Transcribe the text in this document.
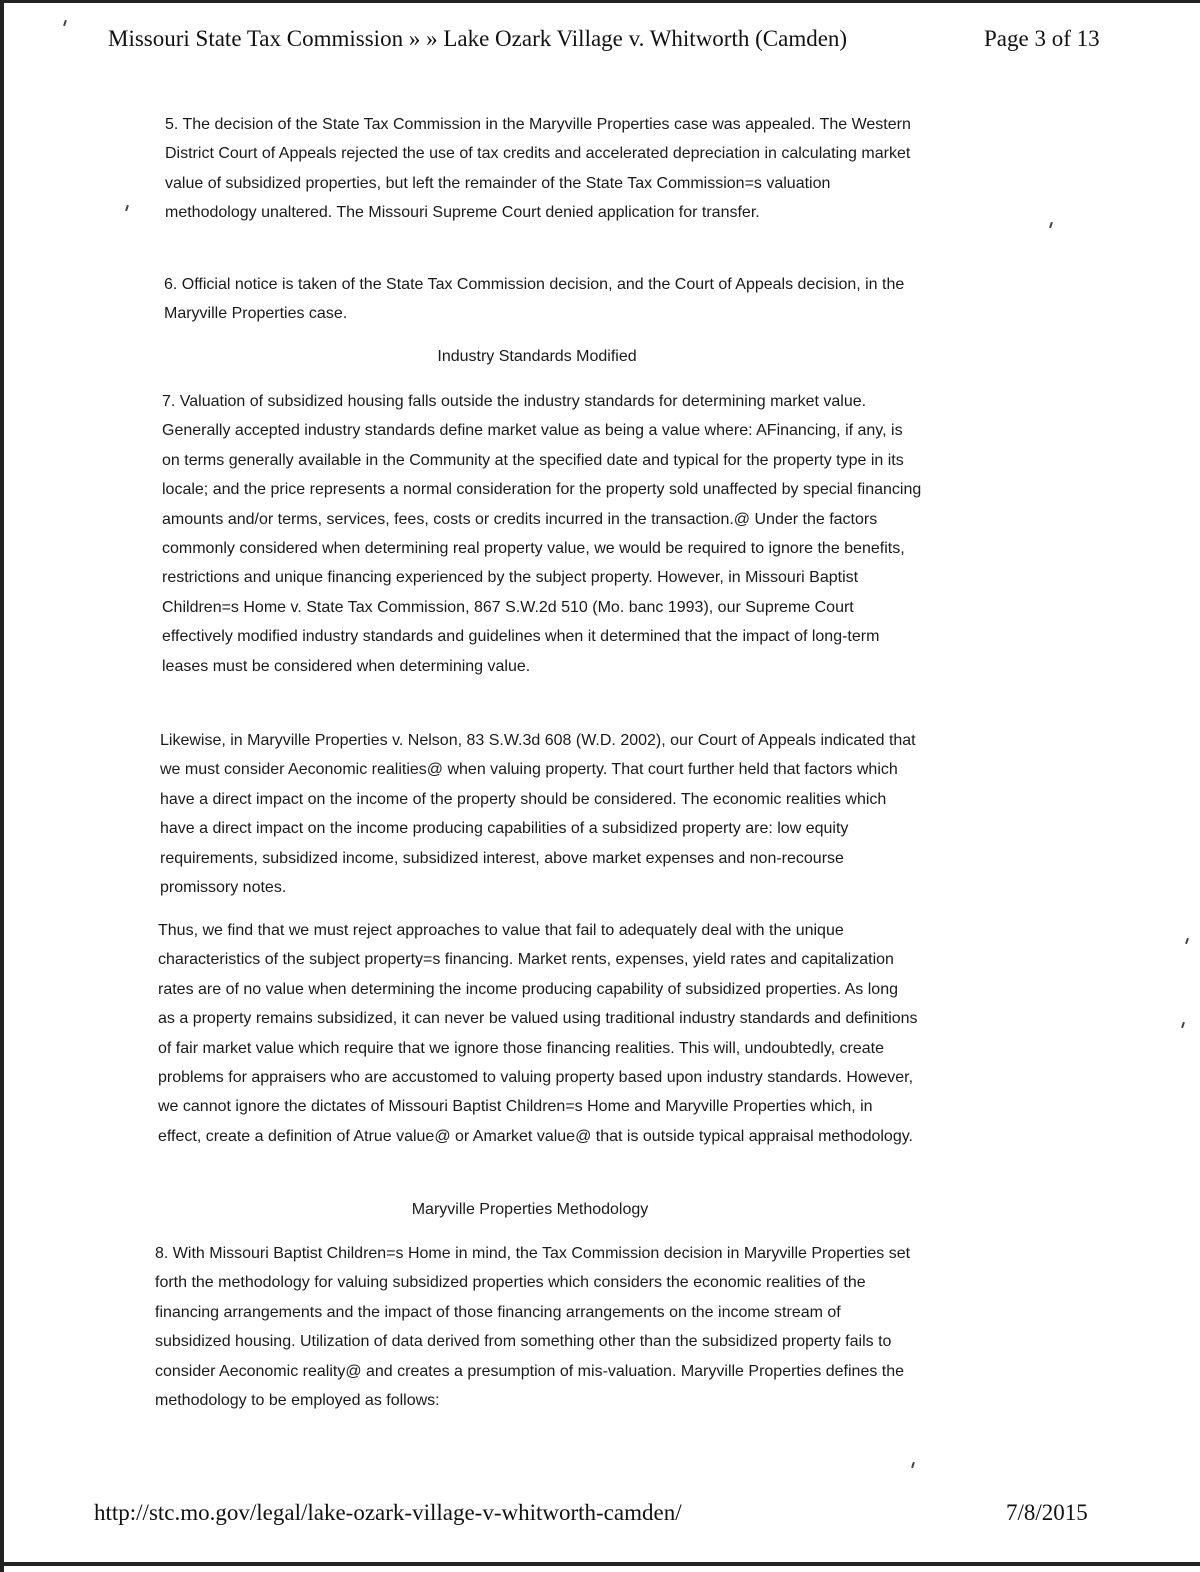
Missouri State Tax Commission » » Lake Ozark Village v. Whitworth (Camden)	Page 3 of 13

5. The decision of the State Tax Commission in the Maryville Properties case was appealed. The Western District Court of Appeals rejected the use of tax credits and accelerated depreciation in calculating market value of subsidized properties, but left the remainder of the State Tax Commission=s valuation methodology unaltered. The Missouri Supreme Court denied application for transfer.

6. Official notice is taken of the State Tax Commission decision, and the Court of Appeals decision, in the Maryville Properties case.

Industry Standards Modified

7. Valuation of subsidized housing falls outside the industry standards for determining market value. Generally accepted industry standards define market value as being a value where: AFinancing, if any, is on terms generally available in the Community at the specified date and typical for the property type in its locale; and the price represents a normal consideration for the property sold unaffected by special financing amounts and/or terms, services, fees, costs or credits incurred in the transaction.@ Under the factors commonly considered when determining real property value, we would be required to ignore the benefits, restrictions and unique financing experienced by the subject property. However, in Missouri Baptist Children=s Home v. State Tax Commission, 867 S.W.2d 510 (Mo. banc 1993), our Supreme Court effectively modified industry standards and guidelines when it determined that the impact of long-term leases must be considered when determining value.

Likewise, in Maryville Properties v. Nelson, 83 S.W.3d 608 (W.D. 2002), our Court of Appeals indicated that we must consider Aeconomic realities@ when valuing property. That court further held that factors which have a direct impact on the income of the property should be considered. The economic realities which have a direct impact on the income producing capabilities of a subsidized property are: low equity requirements, subsidized income, subsidized interest, above market expenses and non-recourse promissory notes.

Thus, we find that we must reject approaches to value that fail to adequately deal with the unique characteristics of the subject property=s financing. Market rents, expenses, yield rates and capitalization rates are of no value when determining the income producing capability of subsidized properties. As long as a property remains subsidized, it can never be valued using traditional industry standards and definitions of fair market value which require that we ignore those financing realities. This will, undoubtedly, create problems for appraisers who are accustomed to valuing property based upon industry standards. However, we cannot ignore the dictates of Missouri Baptist Children=s Home and Maryville Properties which, in effect, create a definition of Atrue value@ or Amarket value@ that is outside typical appraisal methodology.

Maryville Properties Methodology

8. With Missouri Baptist Children=s Home in mind, the Tax Commission decision in Maryville Properties set forth the methodology for valuing subsidized properties which considers the economic realities of the financing arrangements and the impact of those financing arrangements on the income stream of subsidized housing. Utilization of data derived from something other than the subsidized property fails to consider Aeconomic reality@ and creates a presumption of mis-valuation. Maryville Properties defines the methodology to be employed as follows:

http://stc.mo.gov/legal/lake-ozark-village-v-whitworth-camden/	7/8/2015
